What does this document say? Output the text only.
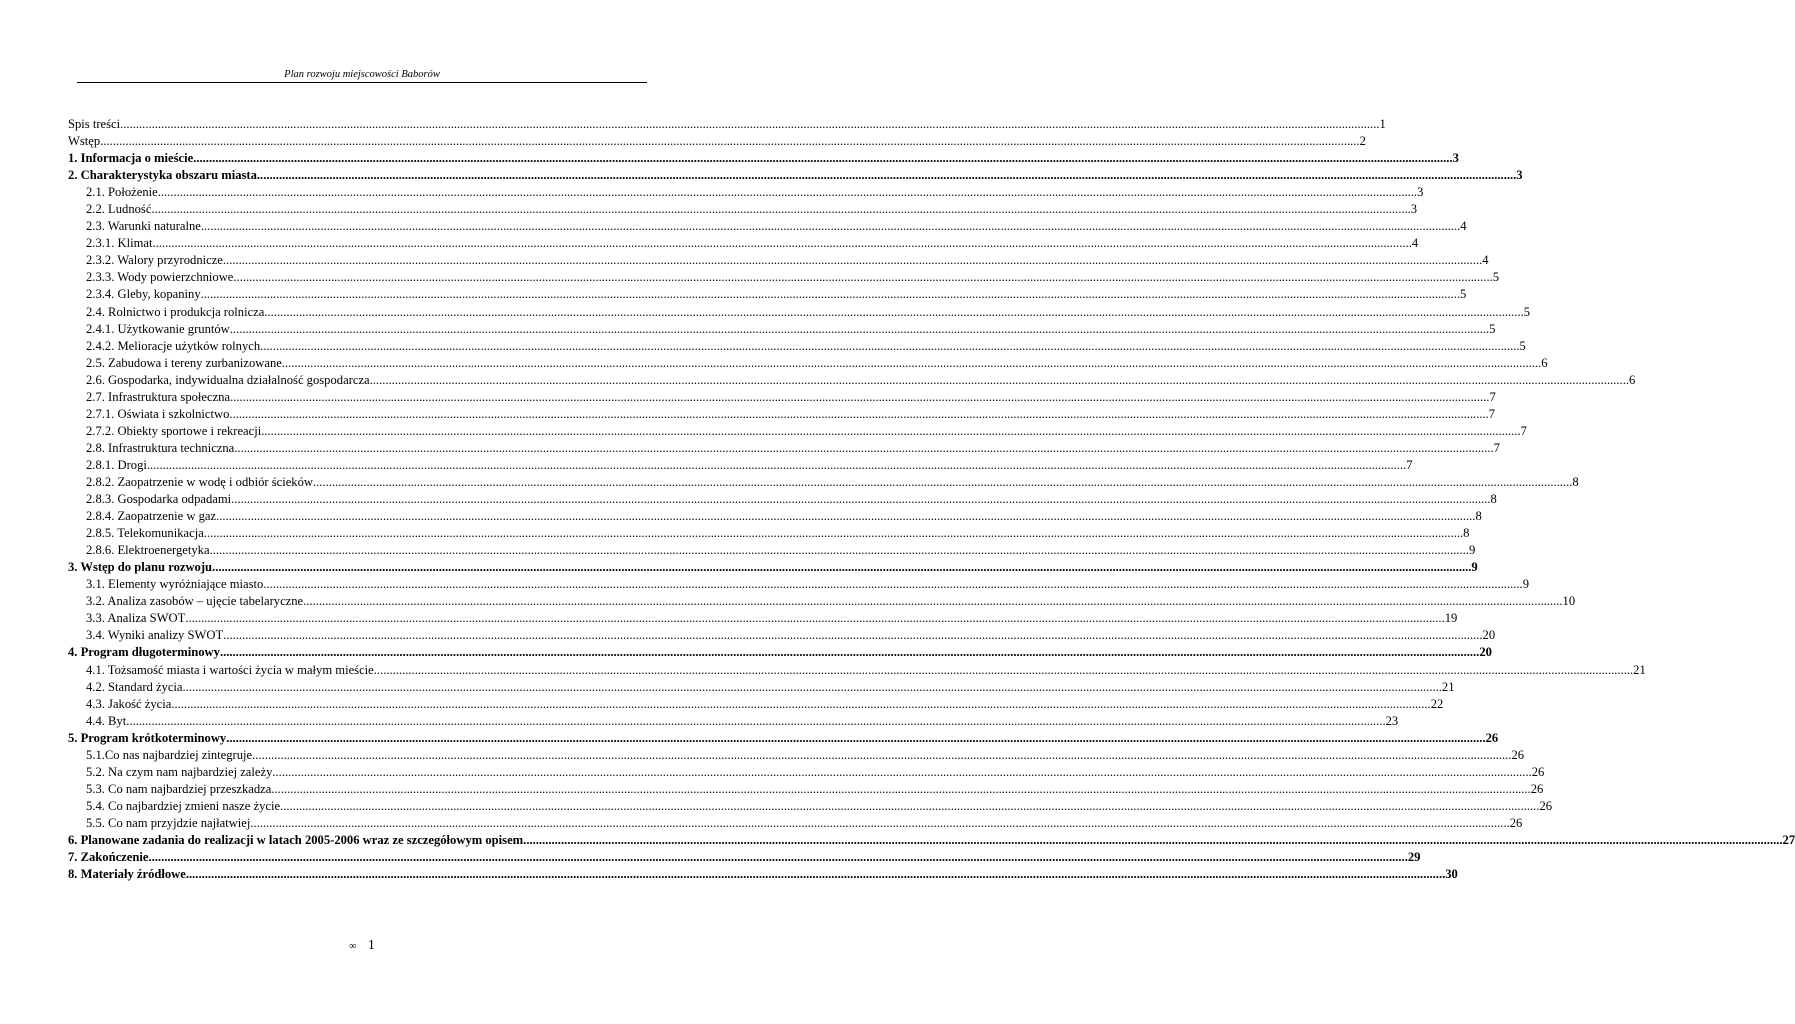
Plan rozwoju miejscowości Baborów
Spis treści ................................................................................................................................................................................................................................................................................................................................................................................................................ 1
Wstęp ................................................................................................................................................................................................................................................................................................................................................................................................................ 2
1. Informacja o mieście ................................................................................................................................................................................................................................................................................................................................................................................................................ 3
2. Charakterystyka obszaru miasta ................................................................................................................................................................................................................................................................................................................................................................................................................ 3
2.1. Położenie ................................................................................................................................................................................................................................................................................................................................................................................................................ 3
2.2. Ludność ................................................................................................................................................................................................................................................................................................................................................................................................................ 3
2.3. Warunki naturalne ................................................................................................................................................................................................................................................................................................................................................................................................................ 4
2.3.1. Klimat ................................................................................................................................................................................................................................................................................................................................................................................................................ 4
2.3.2. Walory przyrodnicze ................................................................................................................................................................................................................................................................................................................................................................................................................ 4
2.3.3. Wody powierzchniowe ................................................................................................................................................................................................................................................................................................................................................................................................................ 5
2.3.4. Gleby, kopaniny ................................................................................................................................................................................................................................................................................................................................................................................................................ 5
2.4. Rolnictwo i produkcja rolnicza ................................................................................................................................................................................................................................................................................................................................................................................................................ 5
2.4.1. Użytkowanie gruntów ................................................................................................................................................................................................................................................................................................................................................................................................................ 5
2.4.2. Melioracje użytków rolnych ................................................................................................................................................................................................................................................................................................................................................................................................................ 5
2.5. Zabudowa i tereny zurbanizowane ................................................................................................................................................................................................................................................................................................................................................................................................................ 6
2.6. Gospodarka, indywidualna działalność gospodarcza ................................................................................................................................................................................................................................................................................................................................................................................................................ 6
2.7. Infrastruktura społeczna ................................................................................................................................................................................................................................................................................................................................................................................................................ 7
2.7.1. Oświata i szkolnictwo ................................................................................................................................................................................................................................................................................................................................................................................................................ 7
2.7.2. Obiekty sportowe i rekreacji ................................................................................................................................................................................................................................................................................................................................................................................................................ 7
2.8. Infrastruktura techniczna ................................................................................................................................................................................................................................................................................................................................................................................................................ 7
2.8.1. Drogi ................................................................................................................................................................................................................................................................................................................................................................................................................ 7
2.8.2. Zaopatrzenie w wodę i odbiór ścieków ................................................................................................................................................................................................................................................................................................................................................................................................................ 8
2.8.3. Gospodarka odpadami ................................................................................................................................................................................................................................................................................................................................................................................................................ 8
2.8.4. Zaopatrzenie w gaz ................................................................................................................................................................................................................................................................................................................................................................................................................ 8
2.8.5. Telekomunikacja ................................................................................................................................................................................................................................................................................................................................................................................................................ 8
2.8.6. Elektroenergetyka ................................................................................................................................................................................................................................................................................................................................................................................................................ 9
3. Wstęp do planu rozwoju ................................................................................................................................................................................................................................................................................................................................................................................................................ 9
3.1. Elementy wyróżniające miasto ................................................................................................................................................................................................................................................................................................................................................................................................................ 9
3.2. Analiza zasobów – ujęcie tabelaryczne ................................................................................................................................................................................................................................................................................................................................................................................................................ 10
3.3. Analiza SWOT ................................................................................................................................................................................................................................................................................................................................................................................................................ 19
3.4. Wyniki analizy SWOT ................................................................................................................................................................................................................................................................................................................................................................................................................ 20
4. Program długoterminowy ................................................................................................................................................................................................................................................................................................................................................................................................................ 20
4.1. Tożsamość miasta i wartości życia w małym mieście ................................................................................................................................................................................................................................................................................................................................................................................................................ 21
4.2. Standard życia ................................................................................................................................................................................................................................................................................................................................................................................................................ 21
4.3. Jakość życia ................................................................................................................................................................................................................................................................................................................................................................................................................ 22
4.4. Byt ................................................................................................................................................................................................................................................................................................................................................................................................................ 23
5. Program krótkoterminowy ................................................................................................................................................................................................................................................................................................................................................................................................................ 26
5.1.Co nas najbardziej zintegruje ................................................................................................................................................................................................................................................................................................................................................................................................................ 26
5.2. Na czym nam najbardziej zależy ................................................................................................................................................................................................................................................................................................................................................................................................................ 26
5.3. Co nam najbardziej przeszkadza ................................................................................................................................................................................................................................................................................................................................................................................................................ 26
5.4. Co najbardziej zmieni nasze życie ................................................................................................................................................................................................................................................................................................................................................................................................................ 26
5.5. Co nam przyjdzie najłatwiej ................................................................................................................................................................................................................................................................................................................................................................................................................ 26
6. Planowane zadania do realizacji w latach 2005-2006 wraz ze szczegółowym opisem ................................................................................................................................................................................................................................................................................................................................................................................................................ 27
7. Zakończenie ................................................................................................................................................................................................................................................................................................................................................................................................................ 29
8. Materiały źródłowe ................................................................................................................................................................................................................................................................................................................................................................................................................ 30
∞ 1
